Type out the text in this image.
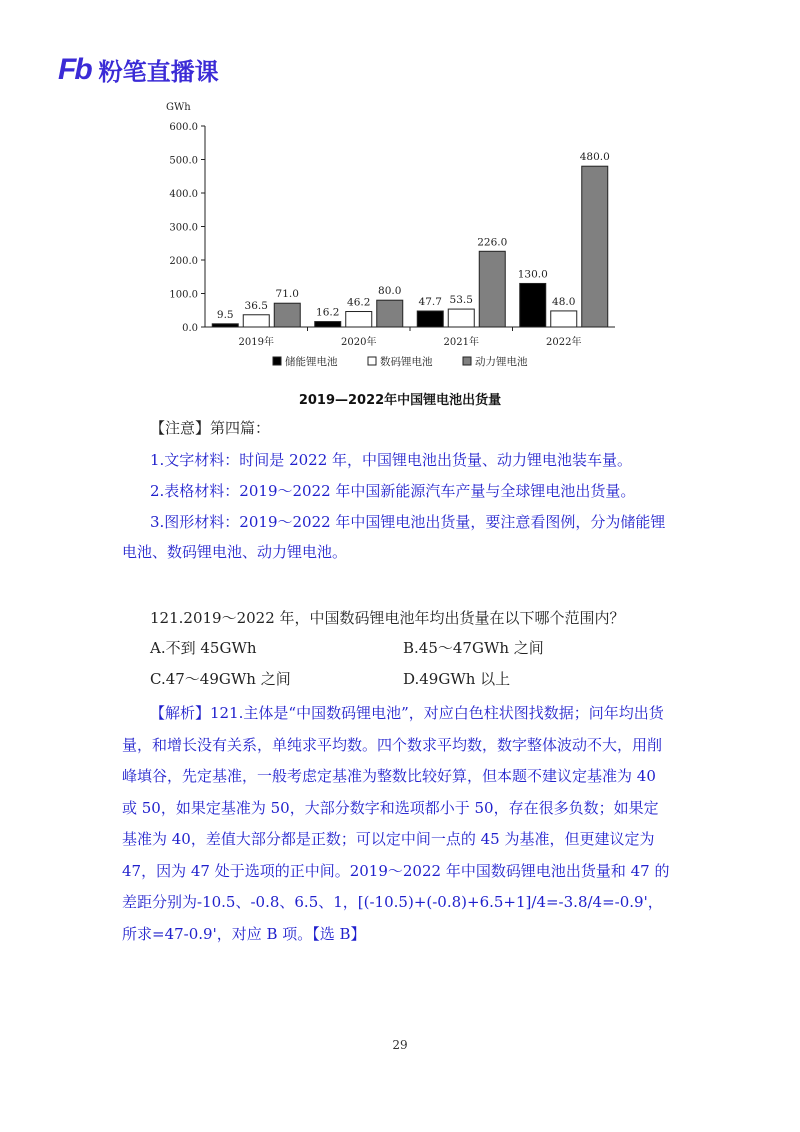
Fb 粉笔直播课
GWh
0.0
100.0
200.0
300.0
400.0
500.0
600.0
9.5
36.5
71.0
2019年
16.2
46.2
80.0
2020年
47.7 53.5
226.0
2021年
130.0
48.0
480.0
2022年
储能锂电池	数码锂电池	动力锂电池
2019—2022年中国锂电池出货量
【注意】第四篇：
1.文字材料：时间是 2022 年，中国锂电池出货量、动力锂电池装车量。
2.表格材料：2019～2022 年中国新能源汽车产量与全球锂电池出货量。
3.图形材料：2019～2022 年中国锂电池出货量，要注意看图例，分为储能锂电池、数码锂电池、动力锂电池。
121.2019～2022 年，中国数码锂电池年均出货量在以下哪个范围内？
A.不到 45GWh	B.45～47GWh 之间
C.47～49GWh 之间	D.49GWh 以上
【解析】121.主体是“中国数码锂电池”，对应白色柱状图找数据；问年均出货量，和增长没有关系，单纯求平均数。四个数求平均数，数字整体波动不大，用削峰填谷，先定基准，一般考虑定基准为整数比较好算，但本题不建议定基准为 40 或 50，如果定基准为 50，大部分数字和选项都小于 50，存在很多负数；如果定基准为 40，差值大部分都是正数；可以定中间一点的 45 为基准，但更建议定为 47，因为 47 处于选项的正中间。2019～2022 年中国数码锂电池出货量和 47 的差距分别为-10.5、-0.8、6.5、1，[(-10.5)+(-0.8)+6.5+1]/4=-3.8/4=-0.9'，所求=47-0.9'，对应 B 项。【选 B】
29
